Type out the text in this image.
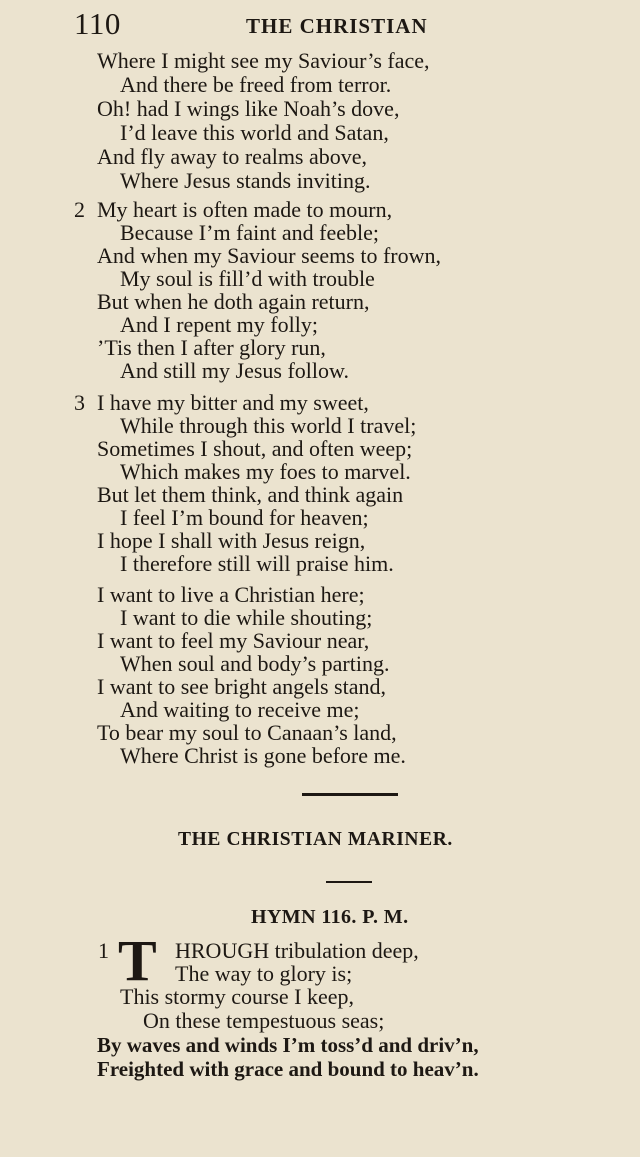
110	THE CHRISTIAN
Where I might see my Saviour’s face,
And there be freed from terror.
Oh! had I wings like Noah’s dove,
I’d leave this world and Satan,
And fly away to realms above,
Where Jesus stands inviting.
2 My heart is often made to mourn,
Because I’m faint and feeble;
And when my Saviour seems to frown,
My soul is fill’d with trouble
But when he doth again return,
And I repent my folly;
’Tis then I after glory run,
And still my Jesus follow.
3 I have my bitter and my sweet,
While through this world I travel;
Sometimes I shout, and often weep;
Which makes my foes to marvel.
But let them think, and think again
I feel I’m bound for heaven;
I hope I shall with Jesus reign,
I therefore still will praise him.
I want to live a Christian here;
I want to die while shouting;
I want to feel my Saviour near,
When soul and body’s parting.
I want to see bright angels stand,
And waiting to receive me;
To bear my soul to Canaan’s land,
Where Christ is gone before me.
THE CHRISTIAN MARINER.
HYMN 116. P. M.
1 T HROUGH tribulation deep,
The way to glory is;
This stormy course I keep,
On these tempestuous seas;
By waves and winds I’m toss’d and driv’n,
Freighted with grace and bound to heav’n.
